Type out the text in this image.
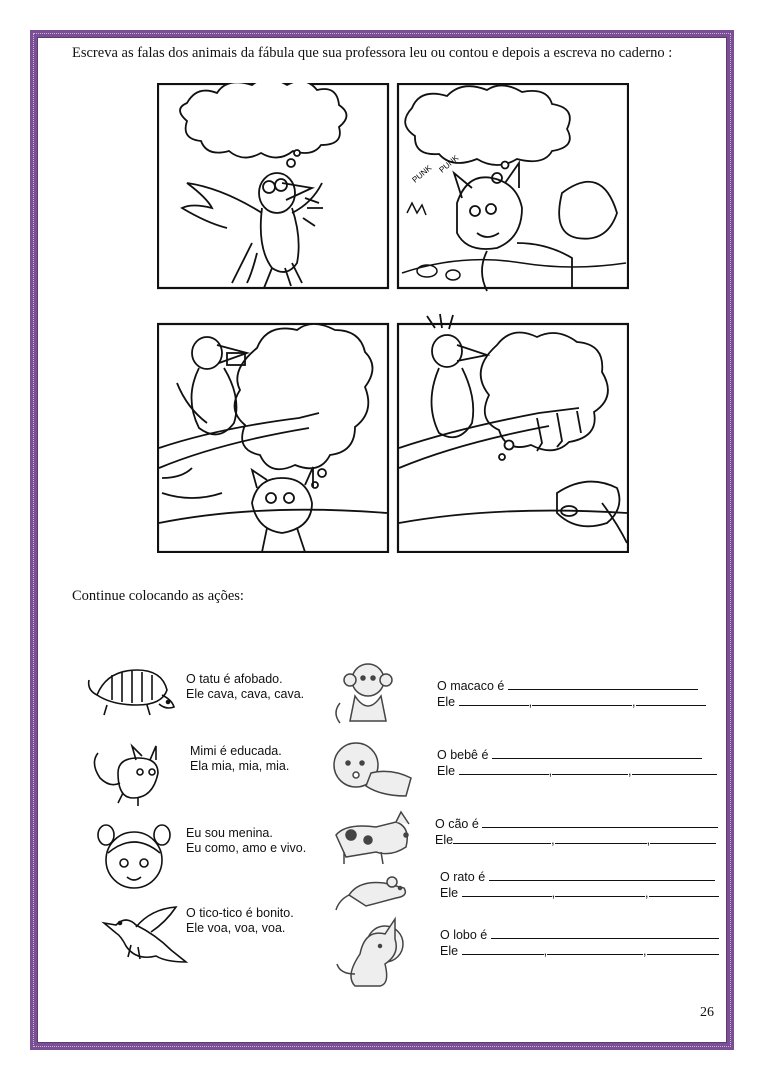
Escreva as falas dos animais da fábula que sua professora leu ou contou e depois a escreva no caderno :
PUNK PUNK
Continue colocando as ações:
O tatu é afobado.
Ele cava, cava, cava.
Mimi é educada.
Ela mia, mia, mia.
Eu sou menina.
Eu como, amo e vivo.
O tico-tico é bonito.
Ele voa, voa, voa.
O macaco é
Ele	,	,
O bebê é
Ele	,	,
O cão é
Ele	,	,
O rato é
Ele	,	,
O lobo é
Ele	,	,
26
